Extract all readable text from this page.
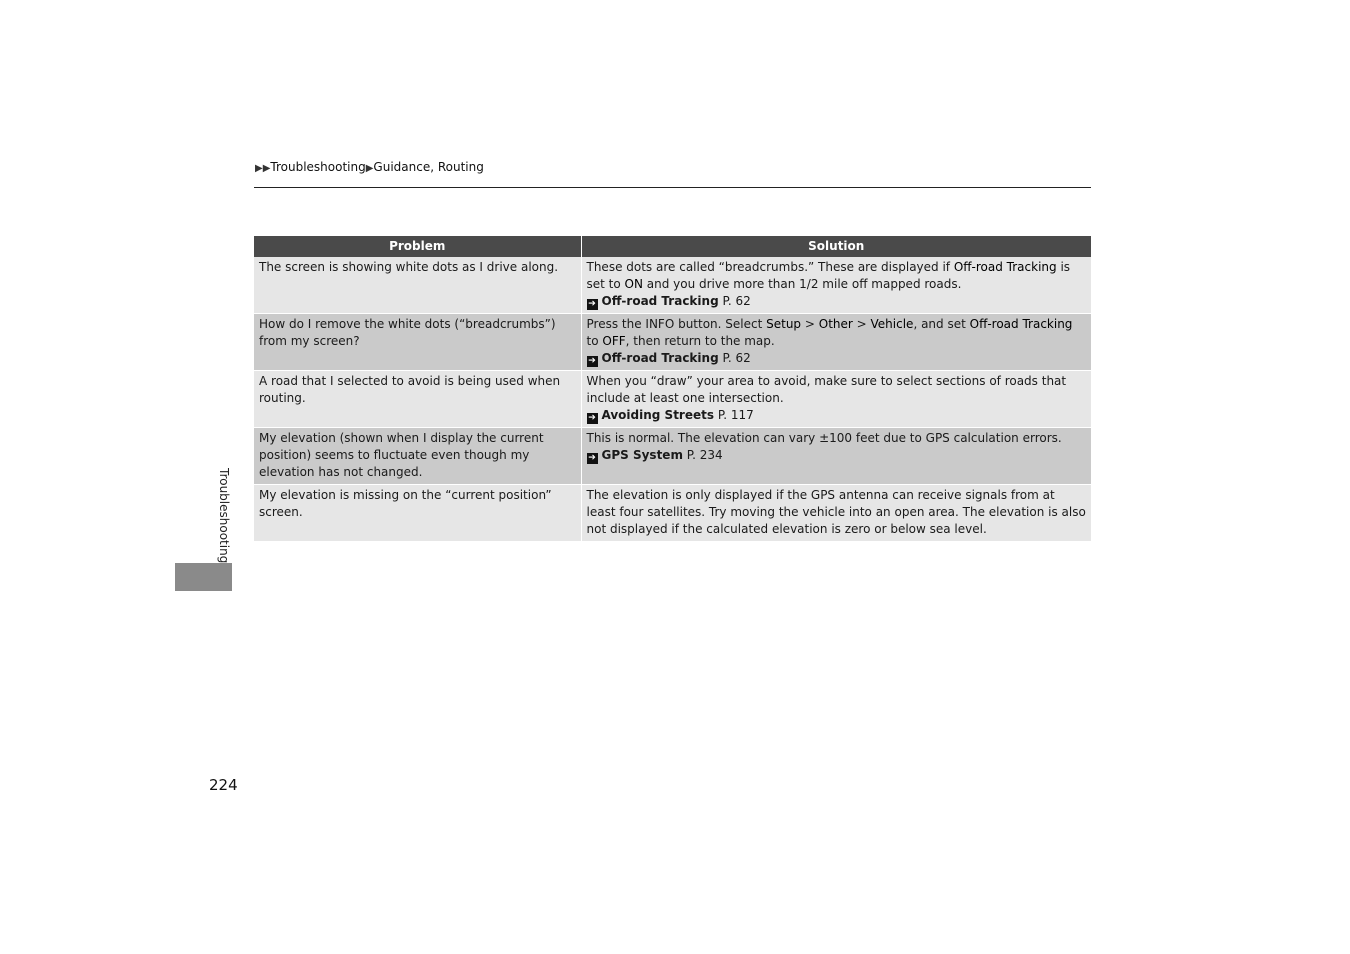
▶▶Troubleshooting▶Guidance, Routing
Problem	Solution
The screen is showing white dots as I drive along.	These dots are called “breadcrumbs.” These are displayed if Off-road Tracking is set to ON and you drive more than 1/2 mile off mapped roads.
➔ Off-road Tracking P. 62

How do I remove the white dots (“breadcrumbs”) from my screen?	Press the INFO button. Select Setup > Other > Vehicle, and set Off-road Tracking to OFF, then return to the map.
➔ Off-road Tracking P. 62

A road that I selected to avoid is being used when routing.	When you “draw” your area to avoid, make sure to select sections of roads that include at least one intersection.
➔ Avoiding Streets P. 117

My elevation (shown when I display the current position) seems to fluctuate even though my elevation has not changed.	This is normal. The elevation can vary ±100 feet due to GPS calculation errors.
➔ GPS System P. 234

My elevation is missing on the “current position” screen.	The elevation is only displayed if the GPS antenna can receive signals from at least four satellites. Try moving the vehicle into an open area. The elevation is also not displayed if the calculated elevation is zero or below sea level.
Troubleshooting
224
